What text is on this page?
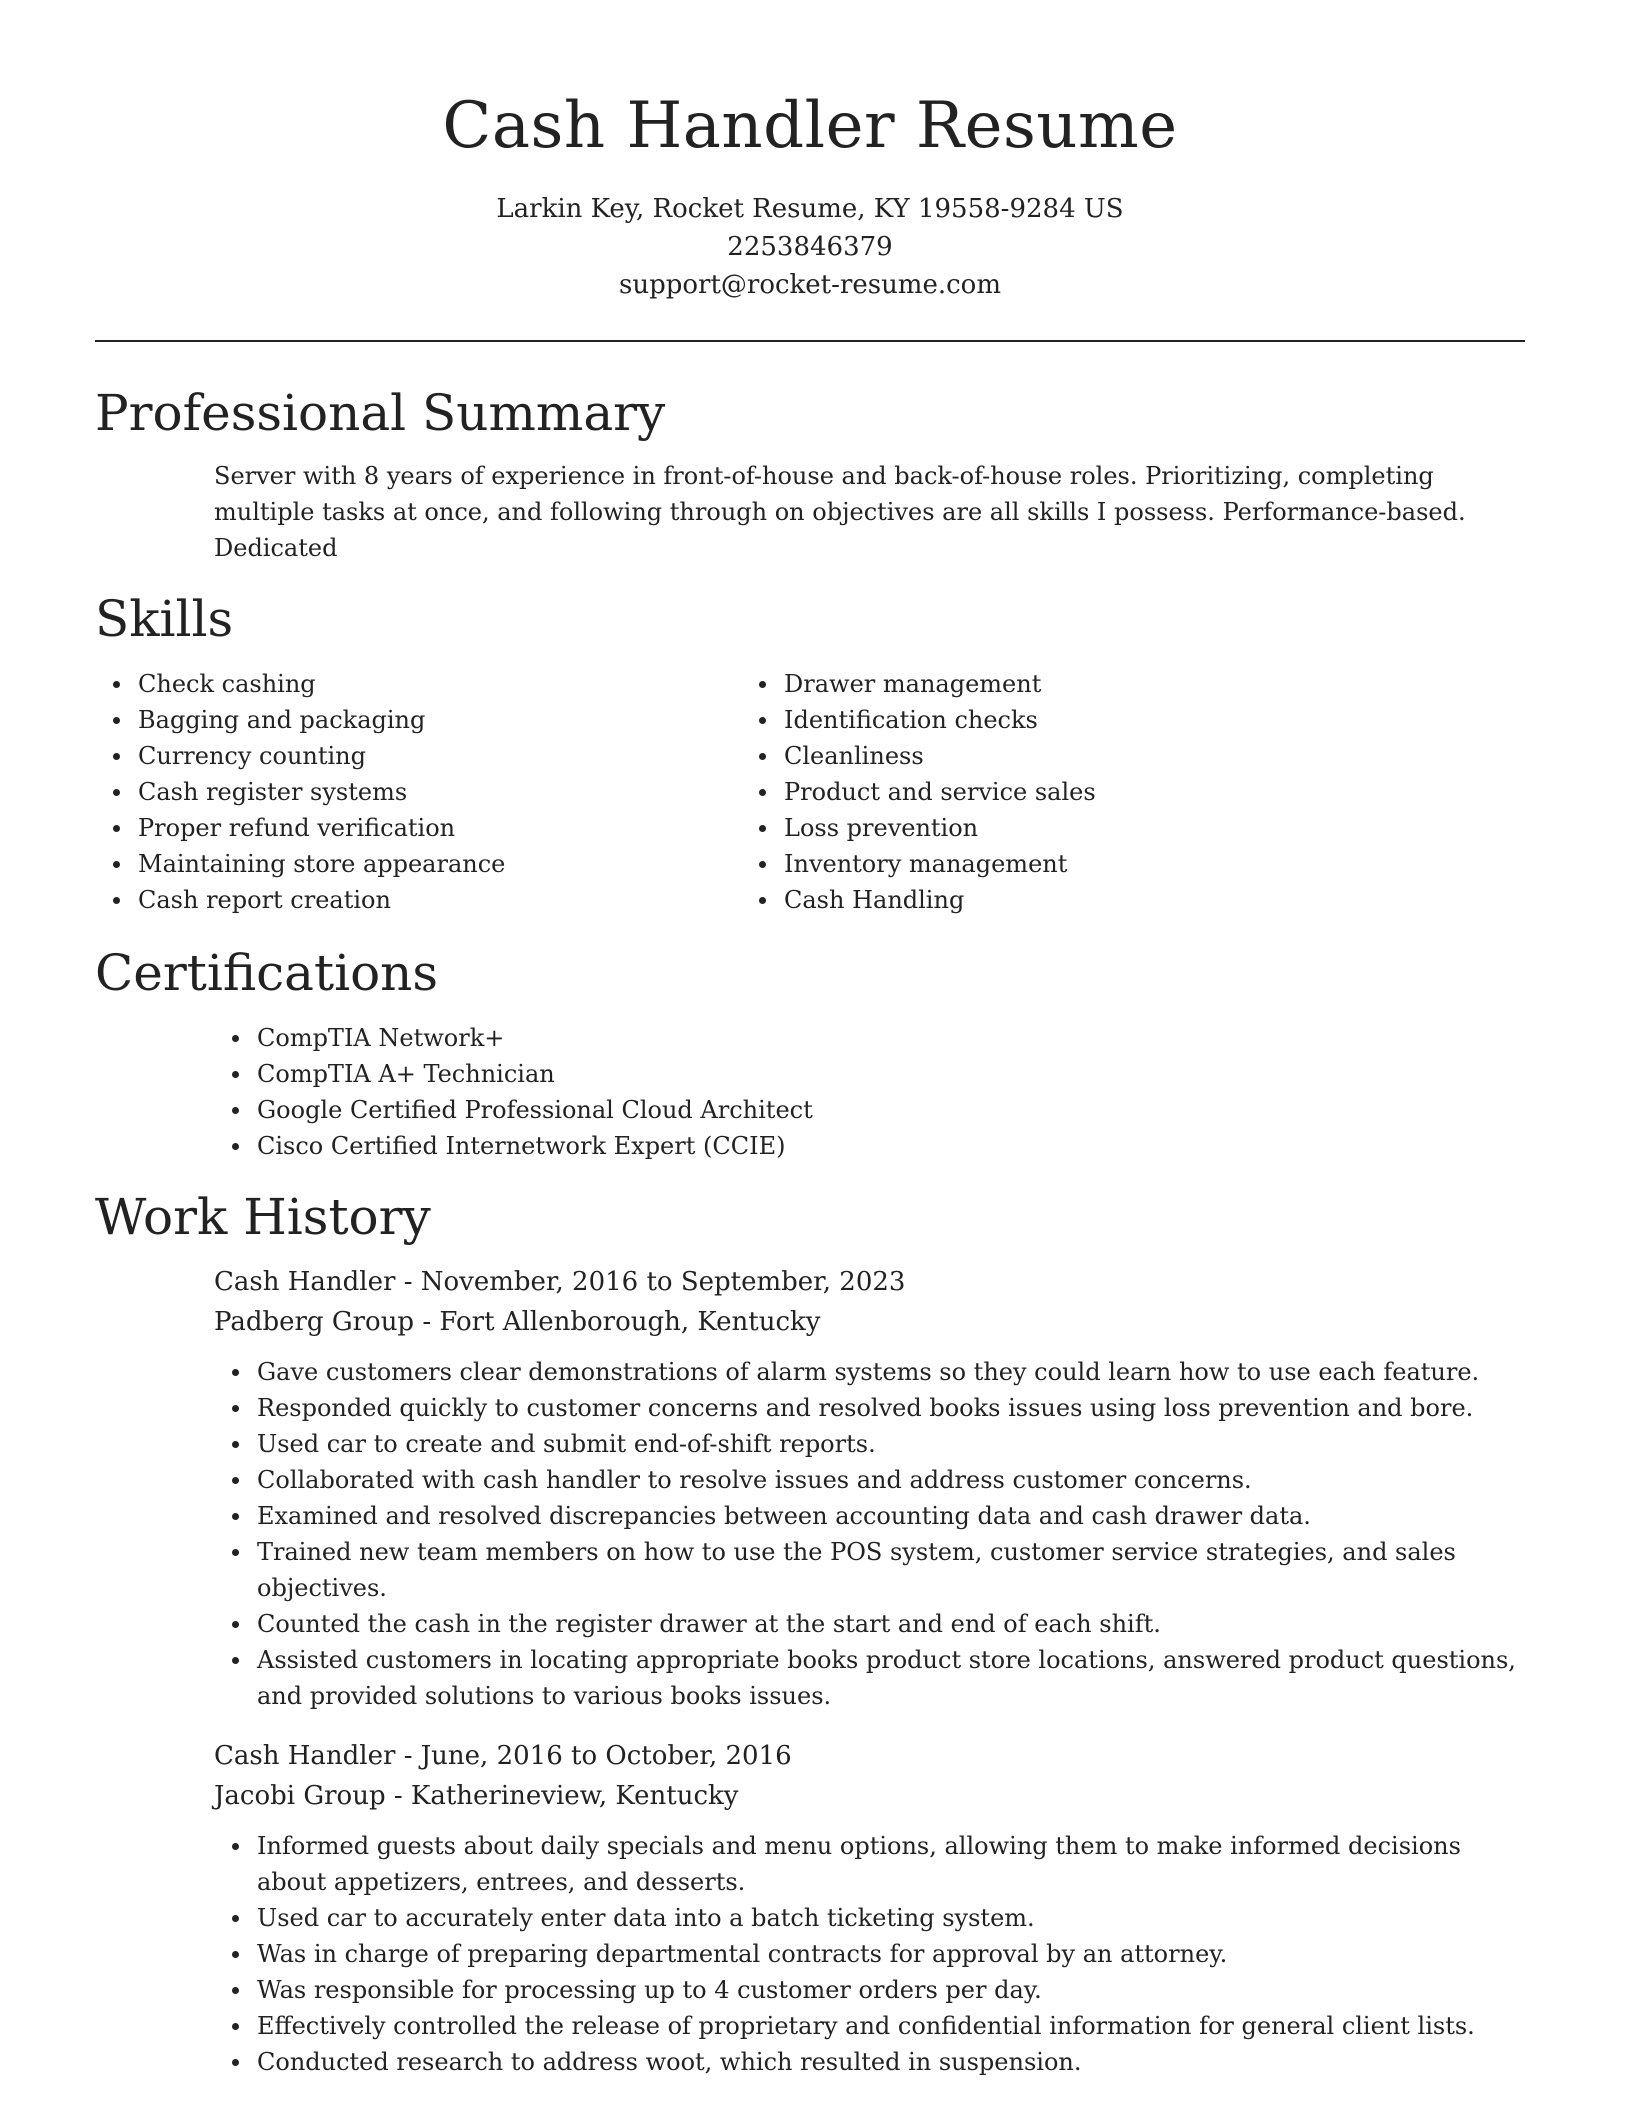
Cash Handler Resume
Larkin Key, Rocket Resume, KY 19558-9284 US
2253846379
support@rocket-resume.com
Professional Summary
Server with 8 years of experience in front-of-house and back-of-house roles. Prioritizing, completing multiple tasks at once, and following through on objectives are all skills I possess. Performance-based. Dedicated
Skills
Check cashing
Bagging and packaging
Currency counting
Cash register systems
Proper refund verification
Maintaining store appearance
Cash report creation
Drawer management
Identification checks
Cleanliness
Product and service sales
Loss prevention
Inventory management
Cash Handling
Certifications
CompTIA Network+
CompTIA A+ Technician
Google Certified Professional Cloud Architect
Cisco Certified Internetwork Expert (CCIE)
Work History
Cash Handler - November, 2016 to September, 2023
Padberg Group - Fort Allenborough, Kentucky
Gave customers clear demonstrations of alarm systems so they could learn how to use each feature.
Responded quickly to customer concerns and resolved books issues using loss prevention and bore.
Used car to create and submit end-of-shift reports.
Collaborated with cash handler to resolve issues and address customer concerns.
Examined and resolved discrepancies between accounting data and cash drawer data.
Trained new team members on how to use the POS system, customer service strategies, and sales objectives.
Counted the cash in the register drawer at the start and end of each shift.
Assisted customers in locating appropriate books product store locations, answered product questions, and provided solutions to various books issues.
Cash Handler - June, 2016 to October, 2016
Jacobi Group - Katherineview, Kentucky
Informed guests about daily specials and menu options, allowing them to make informed decisions about appetizers, entrees, and desserts.
Used car to accurately enter data into a batch ticketing system.
Was in charge of preparing departmental contracts for approval by an attorney.
Was responsible for processing up to 4 customer orders per day.
Effectively controlled the release of proprietary and confidential information for general client lists.
Conducted research to address woot, which resulted in suspension.
